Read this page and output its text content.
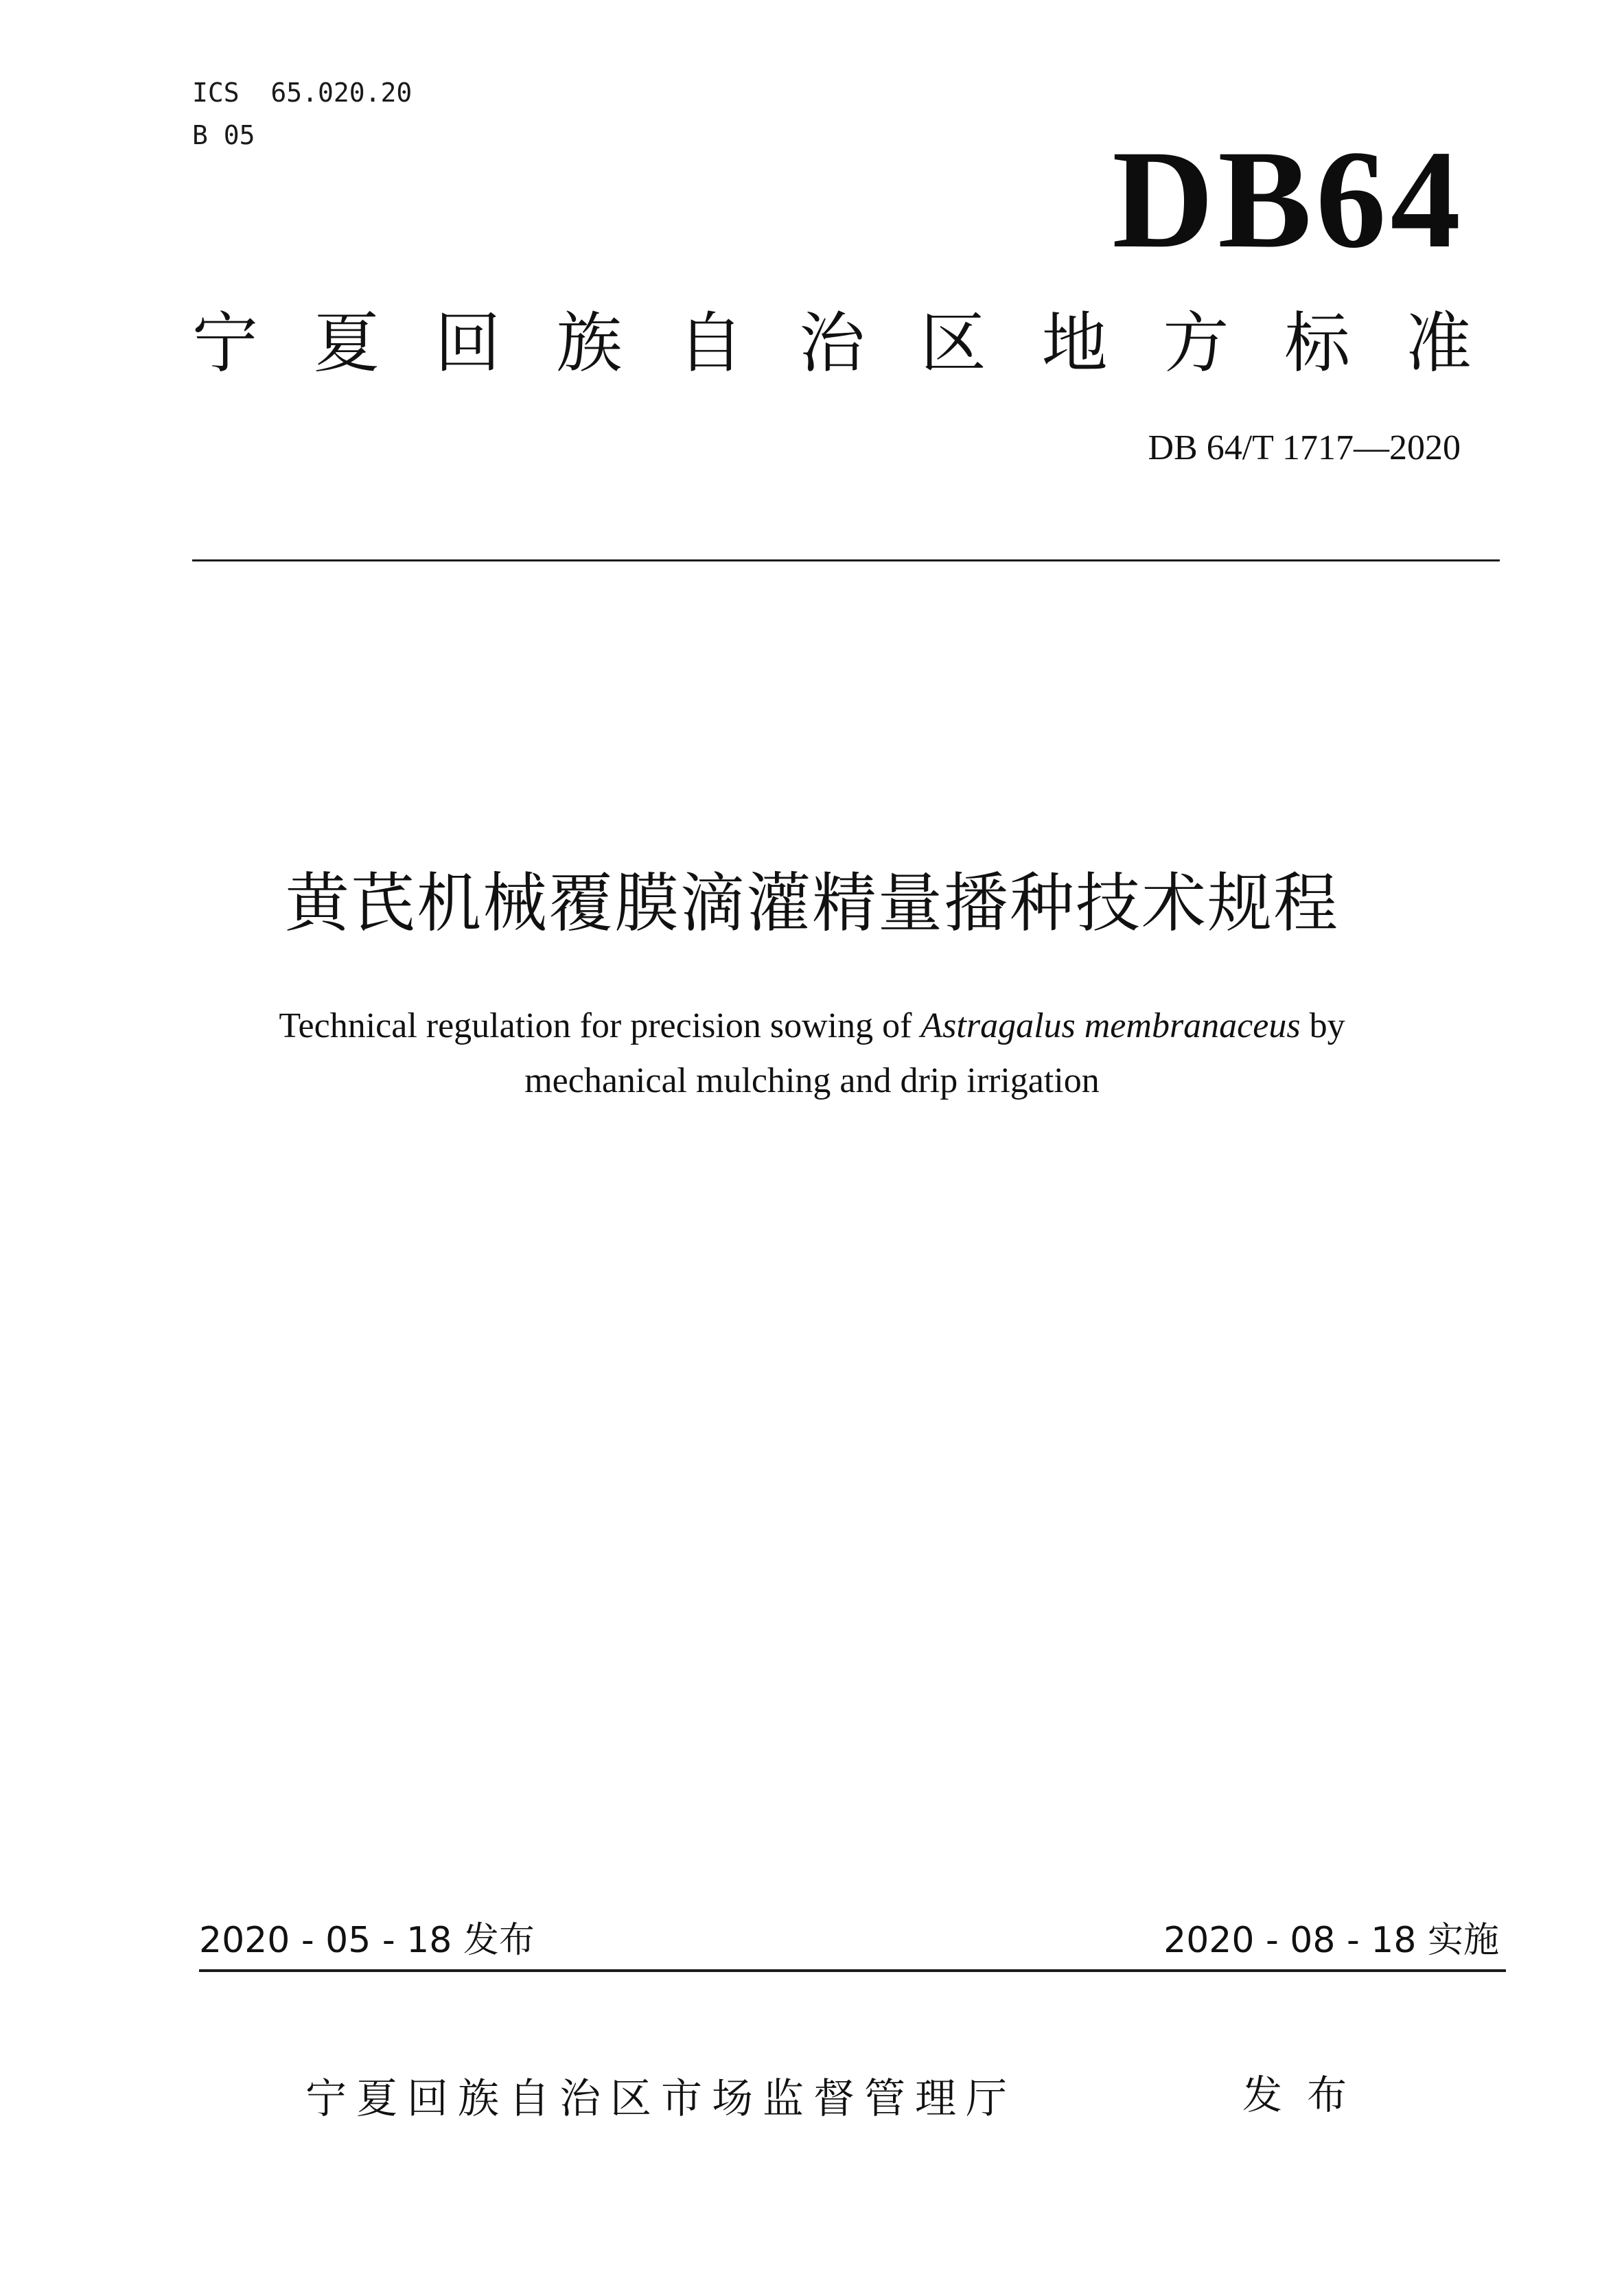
ICS  65.020.20
B 05	DB64
宁 夏 回 族 自 治 区 地 方 标 准
DB 64/T 1717—2020
黄芪机械覆膜滴灌精量播种技术规程
Technical regulation for precision sowing of Astragalus membranaceus by
mechanical mulching and drip irrigation
2020 - 05 - 18 发布	2020 - 08 - 18 实施
宁夏回族自治区市场监督管理厅	发布
